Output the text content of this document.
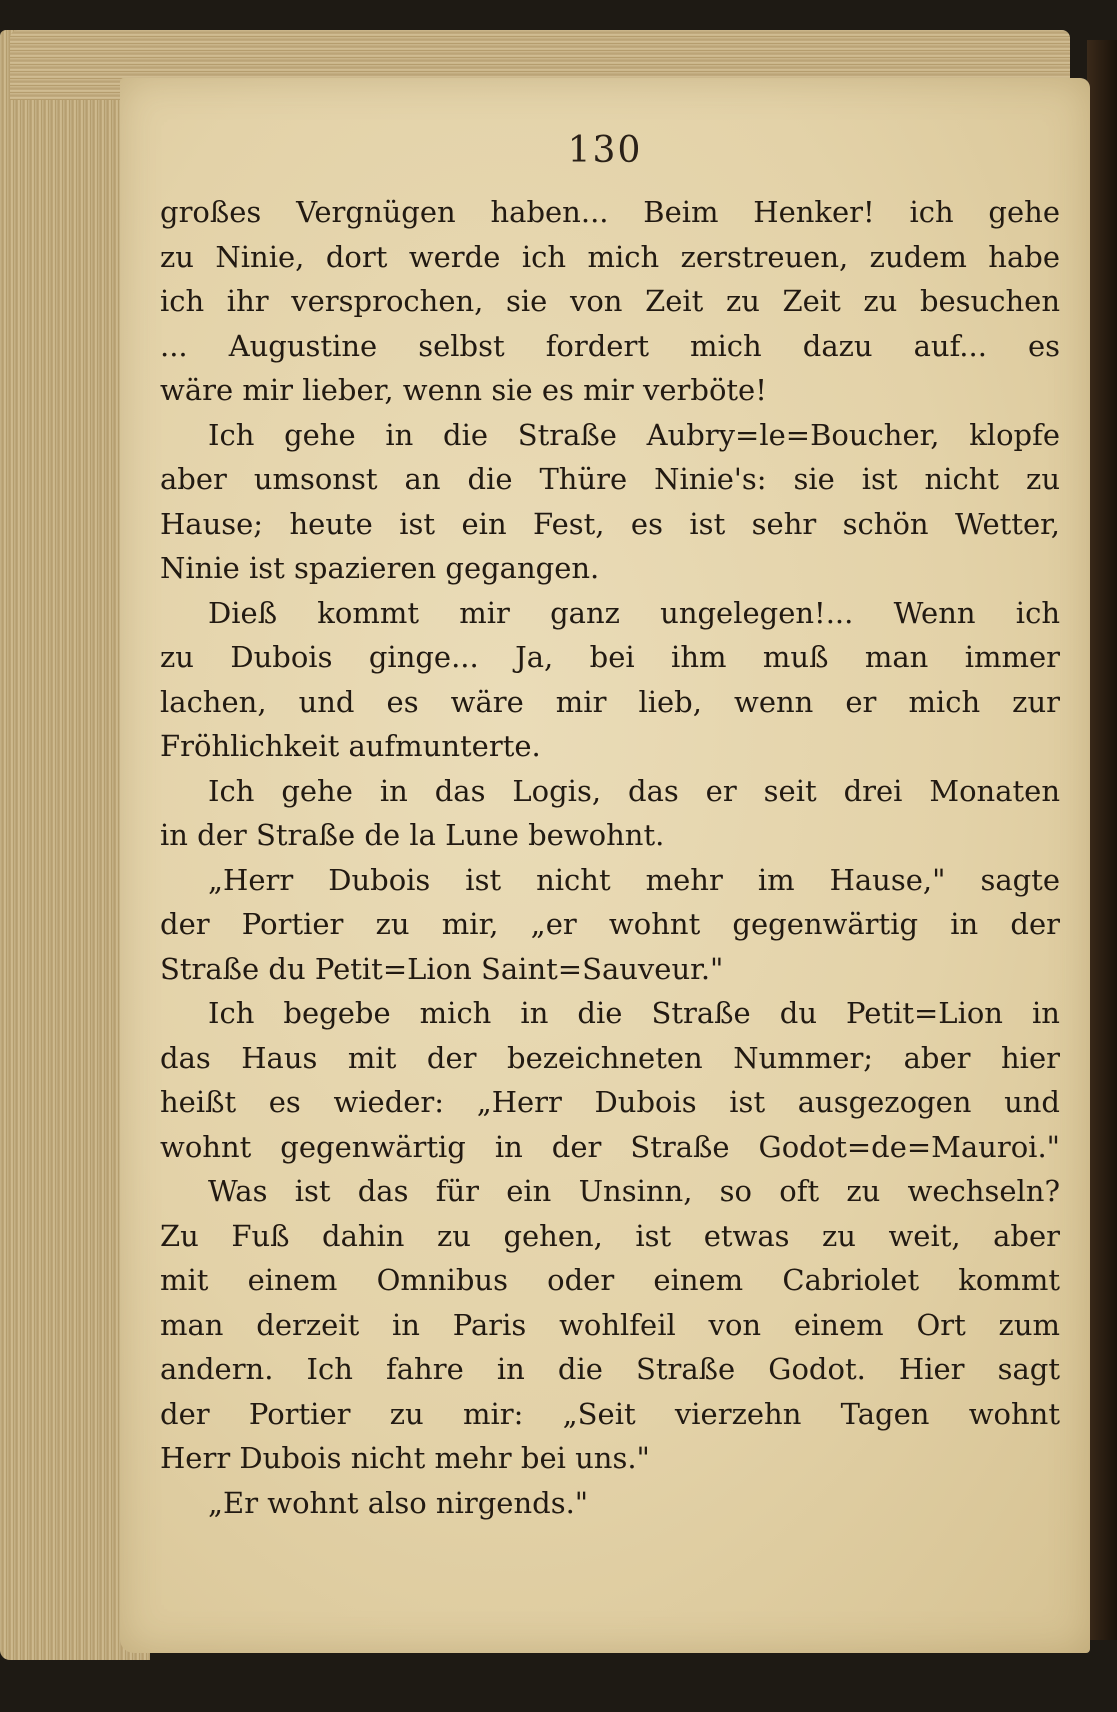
130
großes Vergnügen haben... Beim Henker! ich gehe
zu Ninie, dort werde ich mich zerstreuen, zudem habe
ich ihr versprochen, sie von Zeit zu Zeit zu besuchen
... Augustine selbst fordert mich dazu auf... es
wäre mir lieber, wenn sie es mir verböte!
Ich gehe in die Straße Aubry=le=Boucher, klopfe
aber umsonst an die Thüre Ninie's: sie ist nicht zu
Hause; heute ist ein Fest, es ist sehr schön Wetter,
Ninie ist spazieren gegangen.
Dieß kommt mir ganz ungelegen!... Wenn ich
zu Dubois ginge... Ja, bei ihm muß man immer
lachen, und es wäre mir lieb, wenn er mich zur
Fröhlichkeit aufmunterte.
Ich gehe in das Logis, das er seit drei Monaten
in der Straße de la Lune bewohnt.
„Herr Dubois ist nicht mehr im Hause," sagte
der Portier zu mir, „er wohnt gegenwärtig in der
Straße du Petit=Lion Saint=Sauveur."
Ich begebe mich in die Straße du Petit=Lion in
das Haus mit der bezeichneten Nummer; aber hier
heißt es wieder: „Herr Dubois ist ausgezogen und
wohnt gegenwärtig in der Straße Godot=de=Mauroi."
Was ist das für ein Unsinn, so oft zu wechseln?
Zu Fuß dahin zu gehen, ist etwas zu weit, aber
mit einem Omnibus oder einem Cabriolet kommt
man derzeit in Paris wohlfeil von einem Ort zum
andern. Ich fahre in die Straße Godot. Hier sagt
der Portier zu mir: „Seit vierzehn Tagen wohnt
Herr Dubois nicht mehr bei uns."
„Er wohnt also nirgends."
